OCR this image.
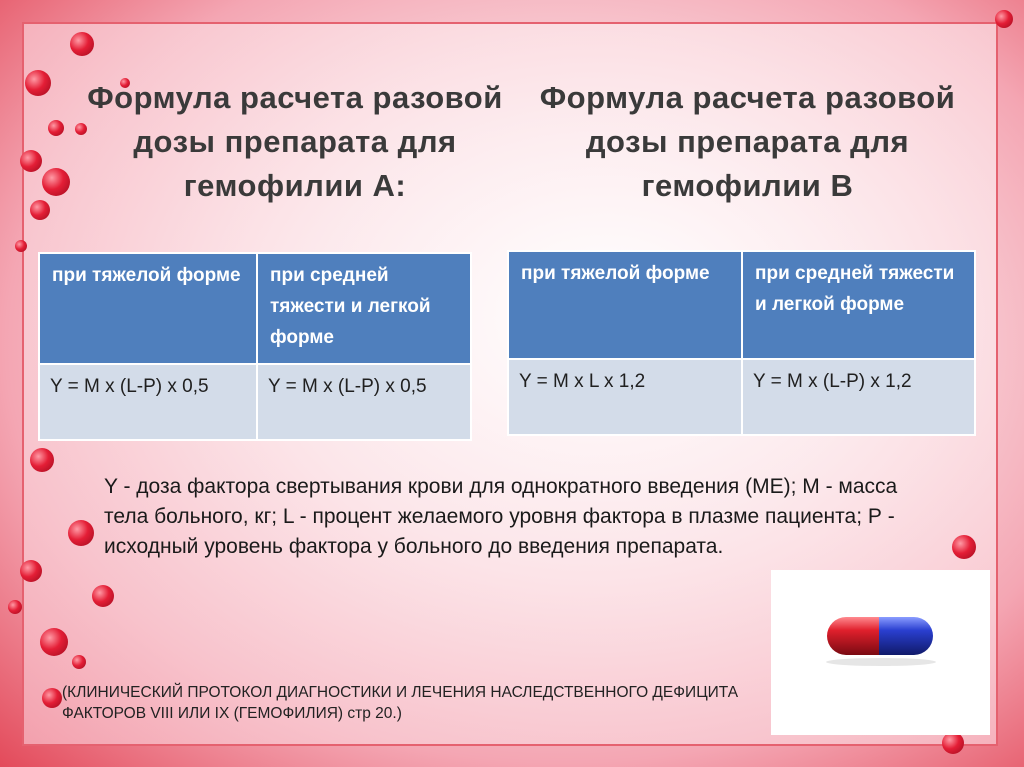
Формула расчета разовой дозы препарата для гемофилии А:
Формула расчета разовой дозы препарата для гемофилии В
при тяжелой форме	при средней тяжести и легкой форме
Y = M x (L-P) x 0,5	Y = M x (L-P) x 0,5
при тяжелой форме	при средней тяжести и легкой форме
Y = M x L x 1,2	Y = M x (L-P) x 1,2
Y - доза фактора свертывания крови для однократного введения (МЕ); М - масса тела больного, кг; L - процент желаемого уровня фактора в плазме пациента; Р - исходный уровень фактора у больного до введения препарата.
(КЛИНИЧЕСКИЙ ПРОТОКОЛ ДИАГНОСТИКИ И ЛЕЧЕНИЯ НАСЛЕДСТВЕННОГО ДЕФИЦИТА ФАКТОРОВ VIII ИЛИ IX (ГЕМОФИЛИЯ) стр 20.)
